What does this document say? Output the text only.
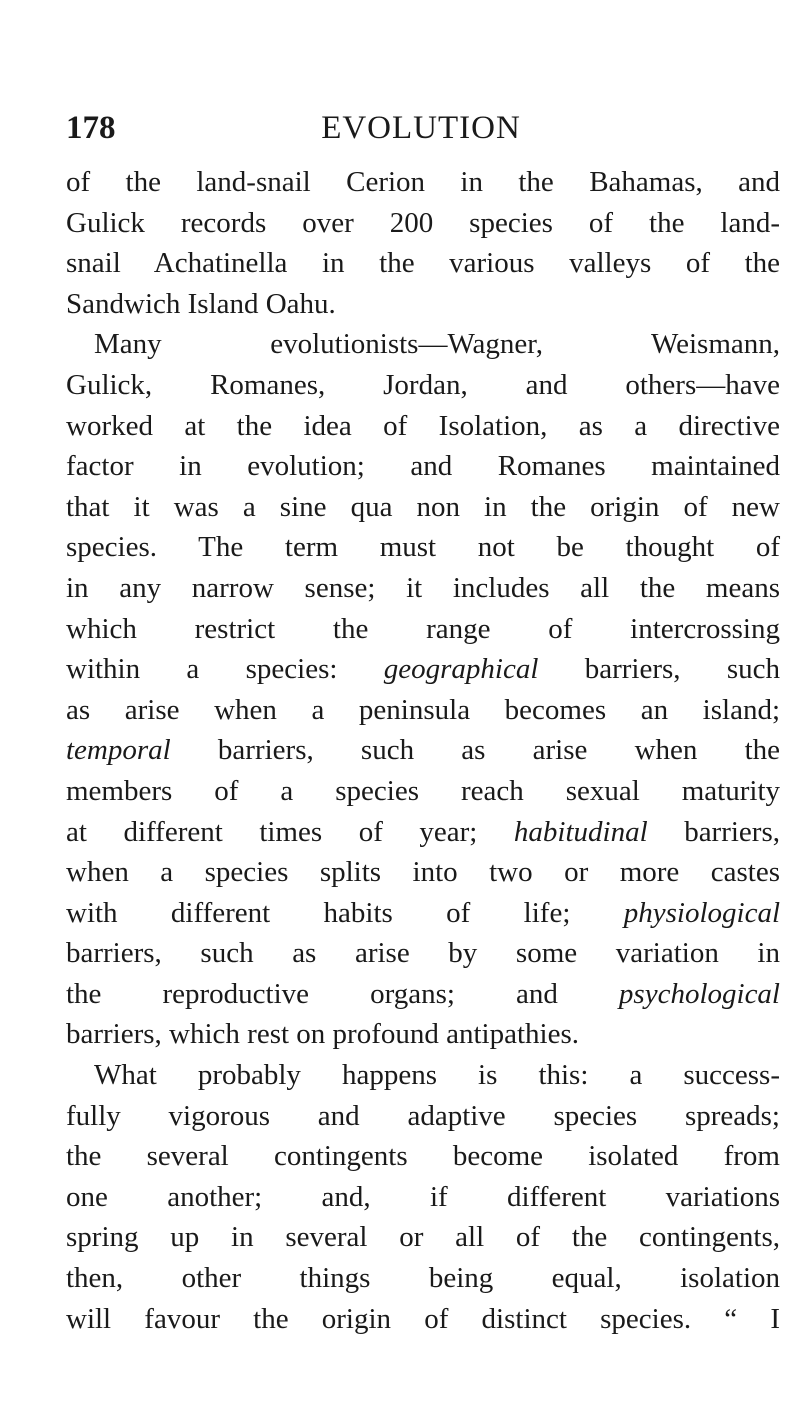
178	EVOLUTION
of the land-snail Cerion in the Bahamas, and
Gulick records over 200 species of the land-
snail Achatinella in the various valleys of the
Sandwich Island Oahu.
Many evolutionists—Wagner, Weismann,
Gulick, Romanes, Jordan, and others—have
worked at the idea of Isolation, as a directive
factor in evolution; and Romanes maintained
that it was a sine qua non in the origin of new
species. The term must not be thought of
in any narrow sense; it includes all the means
which restrict the range of intercrossing
within a species: geographical barriers, such
as arise when a peninsula becomes an island;
temporal barriers, such as arise when the
members of a species reach sexual maturity
at different times of year; habitudinal barriers,
when a species splits into two or more castes
with different habits of life; physiological
barriers, such as arise by some variation in
the reproductive organs; and psychological
barriers, which rest on profound antipathies.
What probably happens is this: a success-
fully vigorous and adaptive species spreads;
the several contingents become isolated from
one another; and, if different variations
spring up in several or all of the contingents,
then, other things being equal, isolation
will favour the origin of distinct species. “ I
